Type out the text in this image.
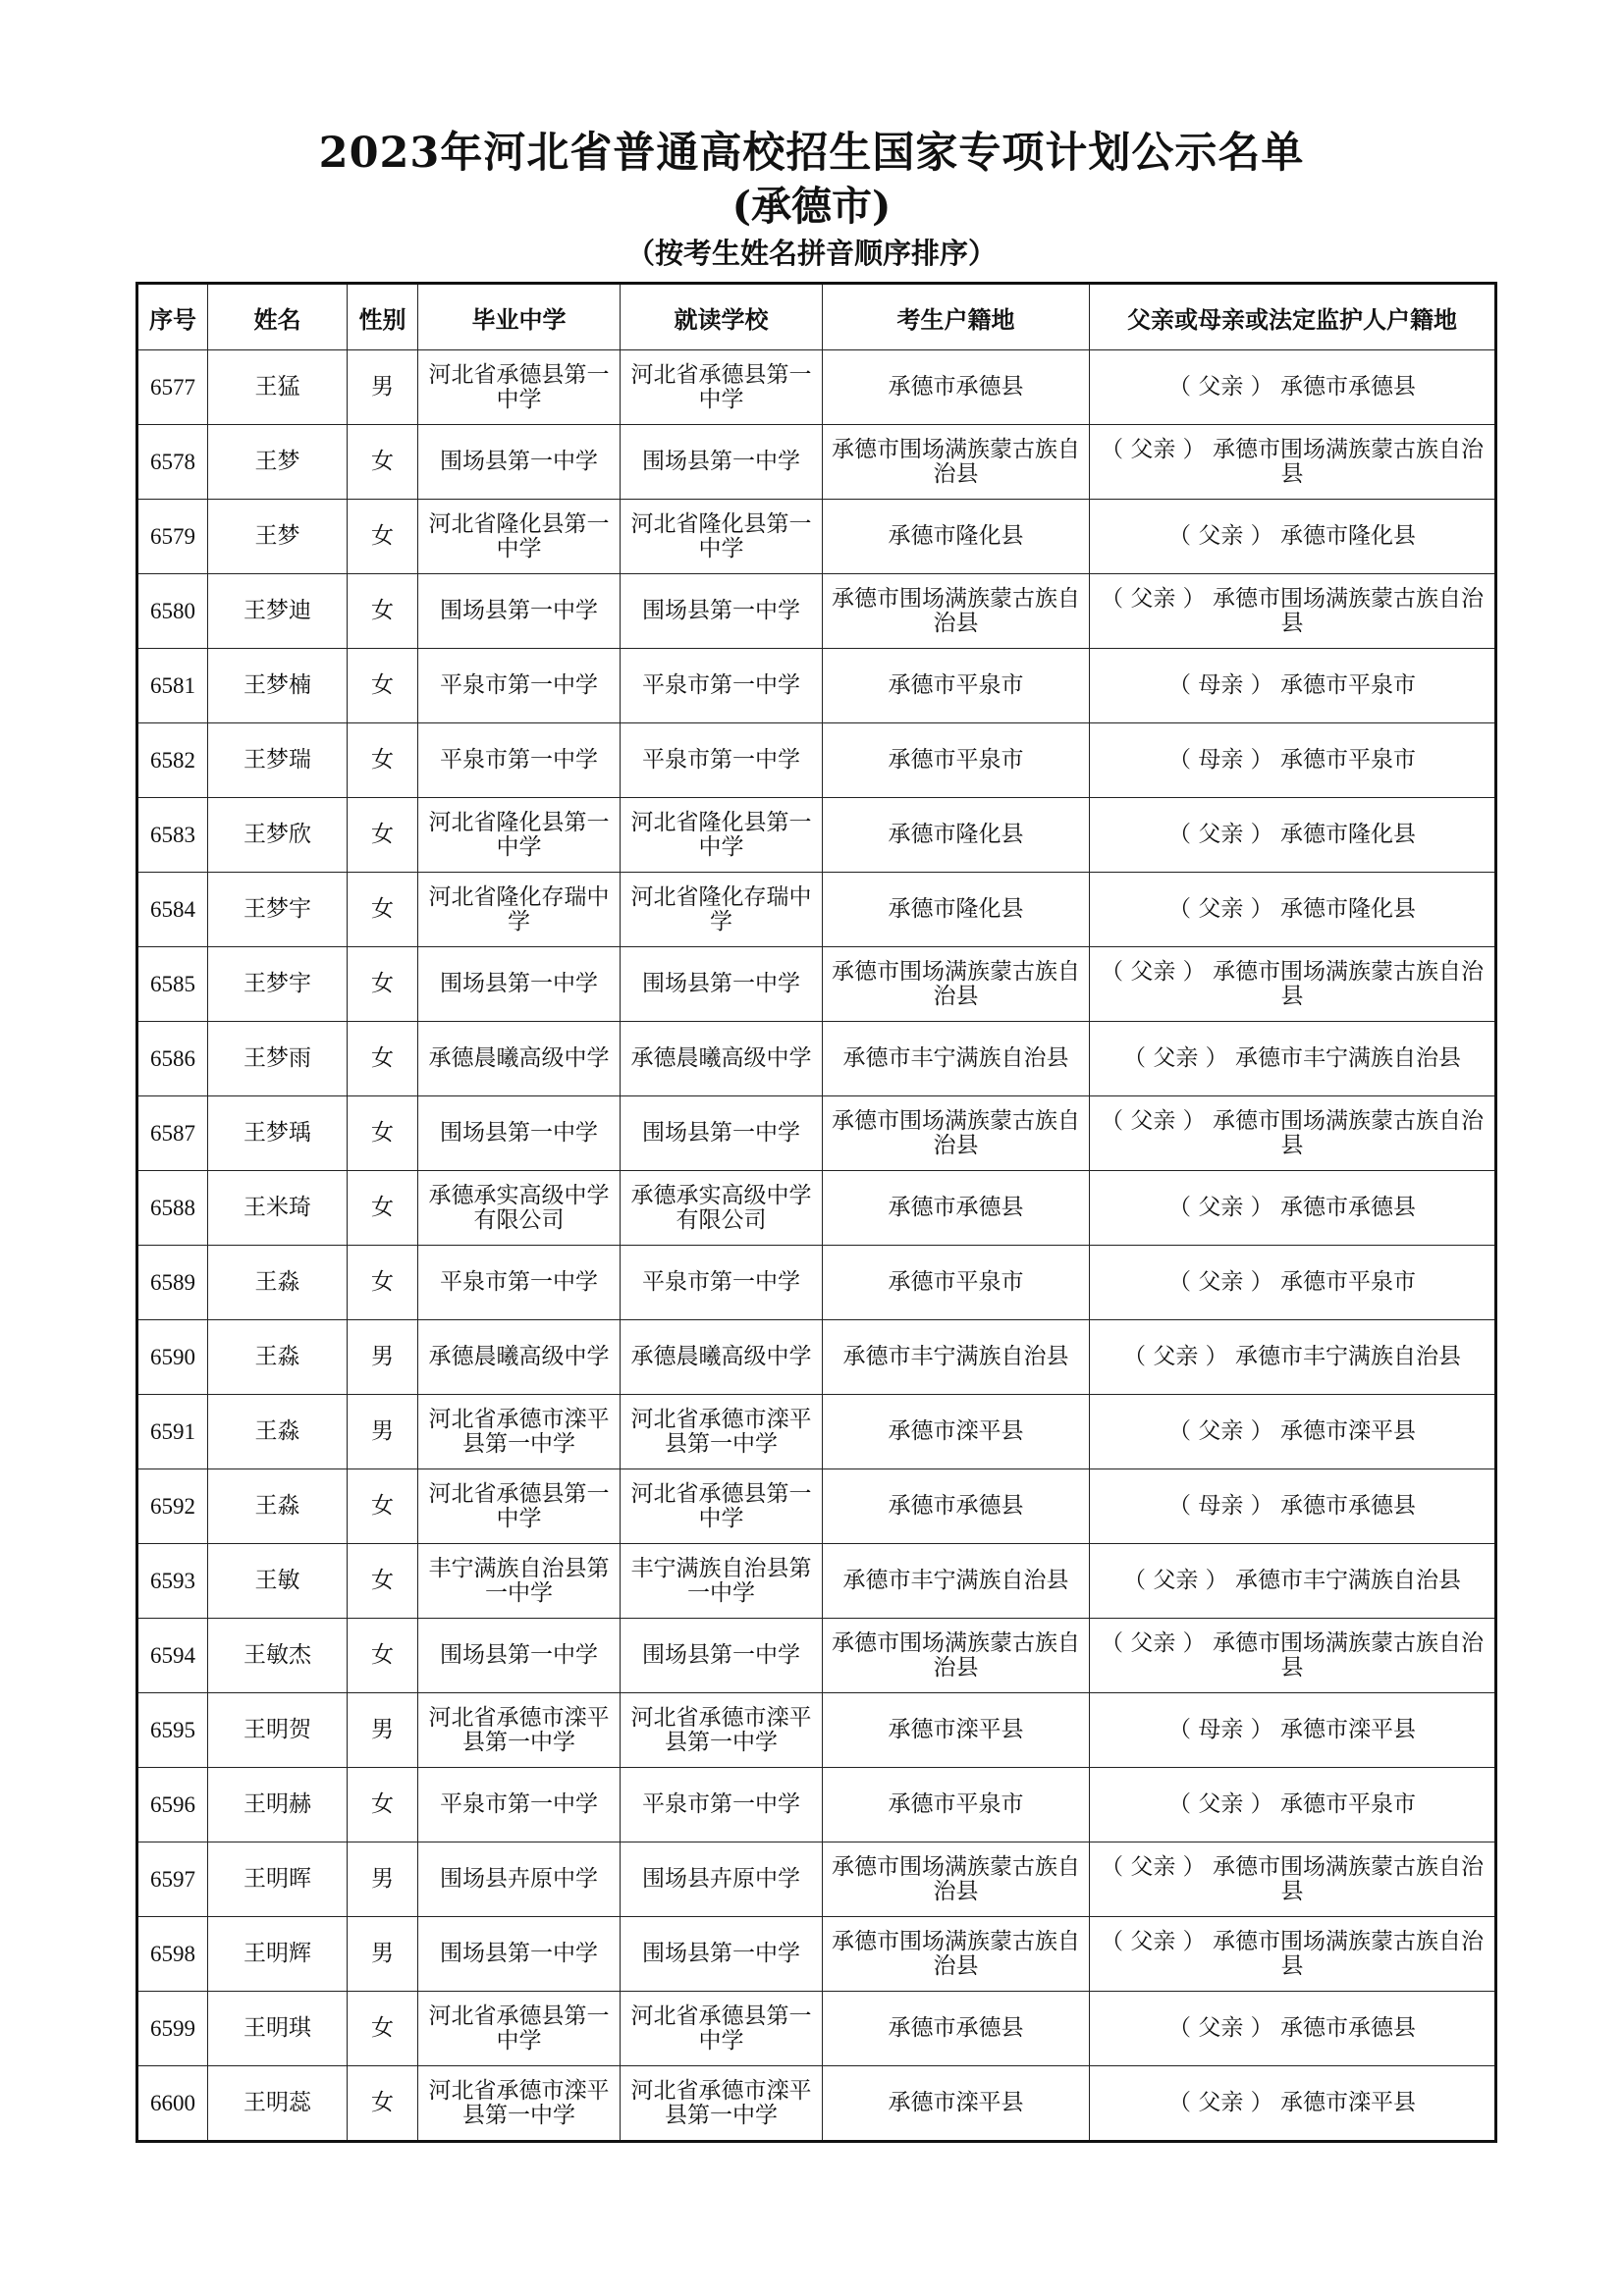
2023年河北省普通高校招生国家专项计划公示名单
(承德市)
（按考生姓名拼音顺序排序）
序号	姓名	性别	毕业中学	就读学校	考生户籍地	父亲或母亲或法定监护人户籍地
6577	王猛	男	河北省承德县第一中学	河北省承德县第一中学	承德市承德县	（ 父亲 ） 承德市承德县
6578	王梦	女	围场县第一中学	围场县第一中学	承德市围场满族蒙古族自治县	（ 父亲 ） 承德市围场满族蒙古族自治县
6579	王梦	女	河北省隆化县第一中学	河北省隆化县第一中学	承德市隆化县	（ 父亲 ） 承德市隆化县
6580	王梦迪	女	围场县第一中学	围场县第一中学	承德市围场满族蒙古族自治县	（ 父亲 ） 承德市围场满族蒙古族自治县
6581	王梦楠	女	平泉市第一中学	平泉市第一中学	承德市平泉市	（ 母亲 ） 承德市平泉市
6582	王梦瑞	女	平泉市第一中学	平泉市第一中学	承德市平泉市	（ 母亲 ） 承德市平泉市
6583	王梦欣	女	河北省隆化县第一中学	河北省隆化县第一中学	承德市隆化县	（ 父亲 ） 承德市隆化县
6584	王梦宇	女	河北省隆化存瑞中学	河北省隆化存瑞中学	承德市隆化县	（ 父亲 ） 承德市隆化县
6585	王梦宇	女	围场县第一中学	围场县第一中学	承德市围场满族蒙古族自治县	（ 父亲 ） 承德市围场满族蒙古族自治县
6586	王梦雨	女	承德晨曦高级中学	承德晨曦高级中学	承德市丰宁满族自治县	（ 父亲 ） 承德市丰宁满族自治县
6587	王梦瑀	女	围场县第一中学	围场县第一中学	承德市围场满族蒙古族自治县	（ 父亲 ） 承德市围场满族蒙古族自治县
6588	王米琦	女	承德承实高级中学有限公司	承德承实高级中学有限公司	承德市承德县	（ 父亲 ） 承德市承德县
6589	王淼	女	平泉市第一中学	平泉市第一中学	承德市平泉市	（ 父亲 ） 承德市平泉市
6590	王淼	男	承德晨曦高级中学	承德晨曦高级中学	承德市丰宁满族自治县	（ 父亲 ） 承德市丰宁满族自治县
6591	王淼	男	河北省承德市滦平县第一中学	河北省承德市滦平县第一中学	承德市滦平县	（ 父亲 ） 承德市滦平县
6592	王淼	女	河北省承德县第一中学	河北省承德县第一中学	承德市承德县	（ 母亲 ） 承德市承德县
6593	王敏	女	丰宁满族自治县第一中学	丰宁满族自治县第一中学	承德市丰宁满族自治县	（ 父亲 ） 承德市丰宁满族自治县
6594	王敏杰	女	围场县第一中学	围场县第一中学	承德市围场满族蒙古族自治县	（ 父亲 ） 承德市围场满族蒙古族自治县
6595	王明贺	男	河北省承德市滦平县第一中学	河北省承德市滦平县第一中学	承德市滦平县	（ 母亲 ） 承德市滦平县
6596	王明赫	女	平泉市第一中学	平泉市第一中学	承德市平泉市	（ 父亲 ） 承德市平泉市
6597	王明晖	男	围场县卉原中学	围场县卉原中学	承德市围场满族蒙古族自治县	（ 父亲 ） 承德市围场满族蒙古族自治县
6598	王明辉	男	围场县第一中学	围场县第一中学	承德市围场满族蒙古族自治县	（ 父亲 ） 承德市围场满族蒙古族自治县
6599	王明琪	女	河北省承德县第一中学	河北省承德县第一中学	承德市承德县	（ 父亲 ） 承德市承德县
6600	王明蕊	女	河北省承德市滦平县第一中学	河北省承德市滦平县第一中学	承德市滦平县	（ 父亲 ） 承德市滦平县
